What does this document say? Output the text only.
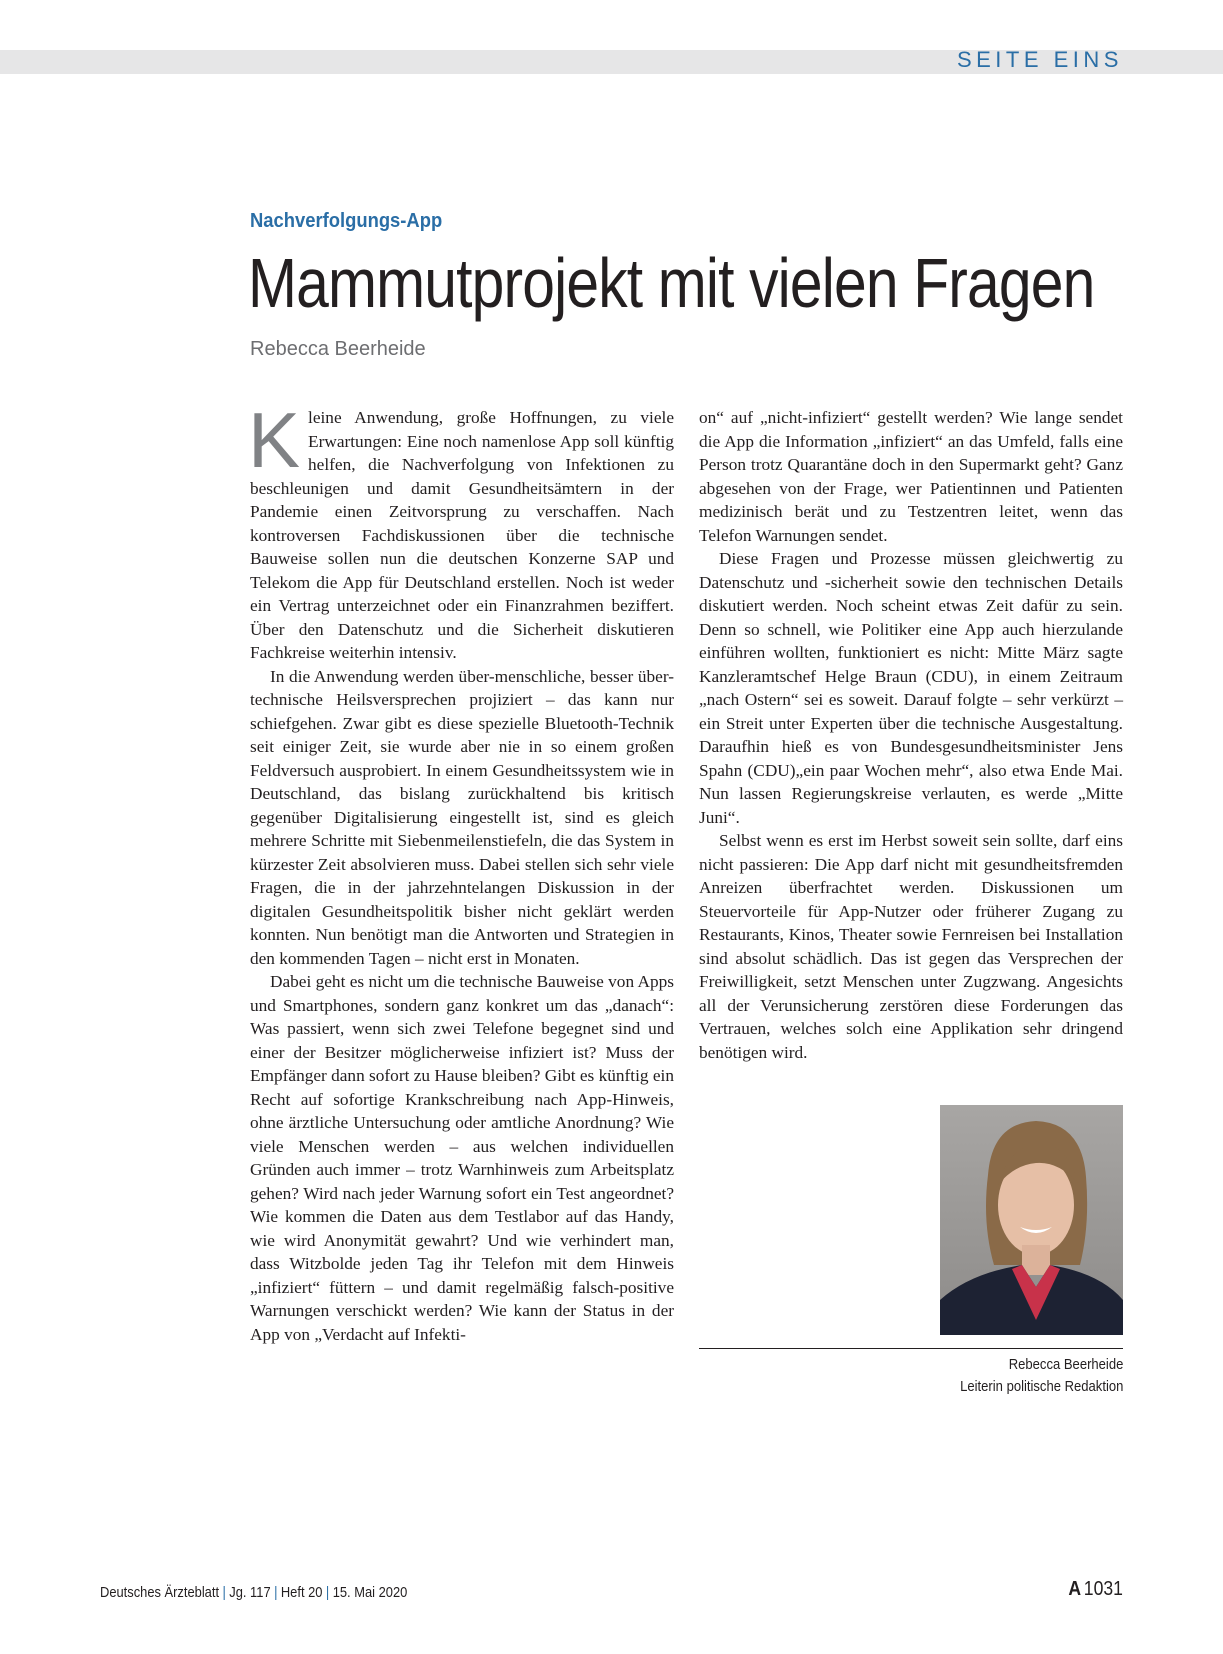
SEITE EINS
Nachverfolgungs-App
Mammutprojekt mit vielen Fragen
Rebecca Beerheide
K leine Anwendung, große Hoffnungen, zu viele Erwartungen: Eine noch namenlose App soll künftig helfen, die Nachverfolgung von Infektionen zu beschleunigen und damit Gesundheitsämtern in der Pandemie einen Zeitvorsprung zu verschaffen. Nach kontroversen Fachdiskussionen über die technische Bauweise sollen nun die deutschen Konzerne SAP und Telekom die App für Deutschland erstellen. Noch ist weder ein Vertrag unterzeichnet oder ein Finanzrahmen beziffert. Über den Datenschutz und die Sicherheit diskutieren Fachkreise weiterhin intensiv.

In die Anwendung werden über-menschliche, besser über-technische Heilsversprechen projiziert – das kann nur schiefgehen. Zwar gibt es diese spezielle Bluetooth-Technik seit einiger Zeit, sie wurde aber nie in so einem großen Feldversuch ausprobiert. In einem Gesundheitssystem wie in Deutschland, das bislang zurückhaltend bis kritisch gegenüber Digitalisierung eingestellt ist, sind es gleich mehrere Schritte mit Siebenmeilenstiefeln, die das System in kürzester Zeit absolvieren muss. Dabei stellen sich sehr viele Fragen, die in der jahrzehntelangen Diskussion in der digitalen Gesundheitspolitik bisher nicht geklärt werden konnten. Nun benötigt man die Antworten und Strategien in den kommenden Tagen – nicht erst in Monaten.

Dabei geht es nicht um die technische Bauweise von Apps und Smartphones, sondern ganz konkret um das „danach“: Was passiert, wenn sich zwei Telefone begegnet sind und einer der Besitzer möglicherweise infiziert ist? Muss der Empfänger dann sofort zu Hause bleiben? Gibt es künftig ein Recht auf sofortige Krankschreibung nach App-Hinweis, ohne ärztliche Untersuchung oder amtliche Anordnung? Wie viele Menschen werden – aus welchen individuellen Gründen auch immer – trotz Warnhinweis zum Arbeitsplatz gehen? Wird nach jeder Warnung sofort ein Test angeordnet? Wie kommen die Daten aus dem Testlabor auf das Handy, wie wird Anonymität gewahrt? Und wie verhindert man, dass Witzbolde jeden Tag ihr Telefon mit dem Hinweis „infiziert“ füttern – und damit regelmäßig falsch-positive Warnungen verschickt werden? Wie kann der Status in der App von „Verdacht auf Infekti-

on“ auf „nicht-infiziert“ gestellt werden? Wie lange sendet die App die Information „infiziert“ an das Umfeld, falls eine Person trotz Quarantäne doch in den Supermarkt geht? Ganz abgesehen von der Frage, wer Patientinnen und Patienten medizinisch berät und zu Testzentren leitet, wenn das Telefon Warnungen sendet.

Diese Fragen und Prozesse müssen gleichwertig zu Datenschutz und -sicherheit sowie den technischen Details diskutiert werden. Noch scheint etwas Zeit dafür zu sein. Denn so schnell, wie Politiker eine App auch hierzulande einführen wollten, funktioniert es nicht: Mitte März sagte Kanzleramtschef Helge Braun (CDU), in einem Zeitraum „nach Ostern“ sei es soweit. Darauf folgte – sehr verkürzt – ein Streit unter Experten über die technische Ausgestaltung. Daraufhin hieß es von Bundesgesundheitsminister Jens Spahn (CDU)„ein paar Wochen mehr“, also etwa Ende Mai. Nun lassen Regierungskreise verlauten, es werde „Mitte Juni“.

Selbst wenn es erst im Herbst soweit sein sollte, darf eins nicht passieren: Die App darf nicht mit gesundheitsfremden Anreizen überfrachtet werden. Diskussionen um Steuervorteile für App-Nutzer oder früherer Zugang zu Restaurants, Kinos, Theater sowie Fernreisen bei Installation sind absolut schädlich. Das ist gegen das Versprechen der Freiwilligkeit, setzt Menschen unter Zugzwang. Angesichts all der Verunsicherung zerstören diese Forderungen das Vertrauen, welches solch eine Applikation sehr dringend benötigen wird.

Rebecca Beerheide
Leiterin politische Redaktion
Deutsches Ärzteblatt | Jg. 117 | Heft 20 | 15. Mai 2020	A 1031
